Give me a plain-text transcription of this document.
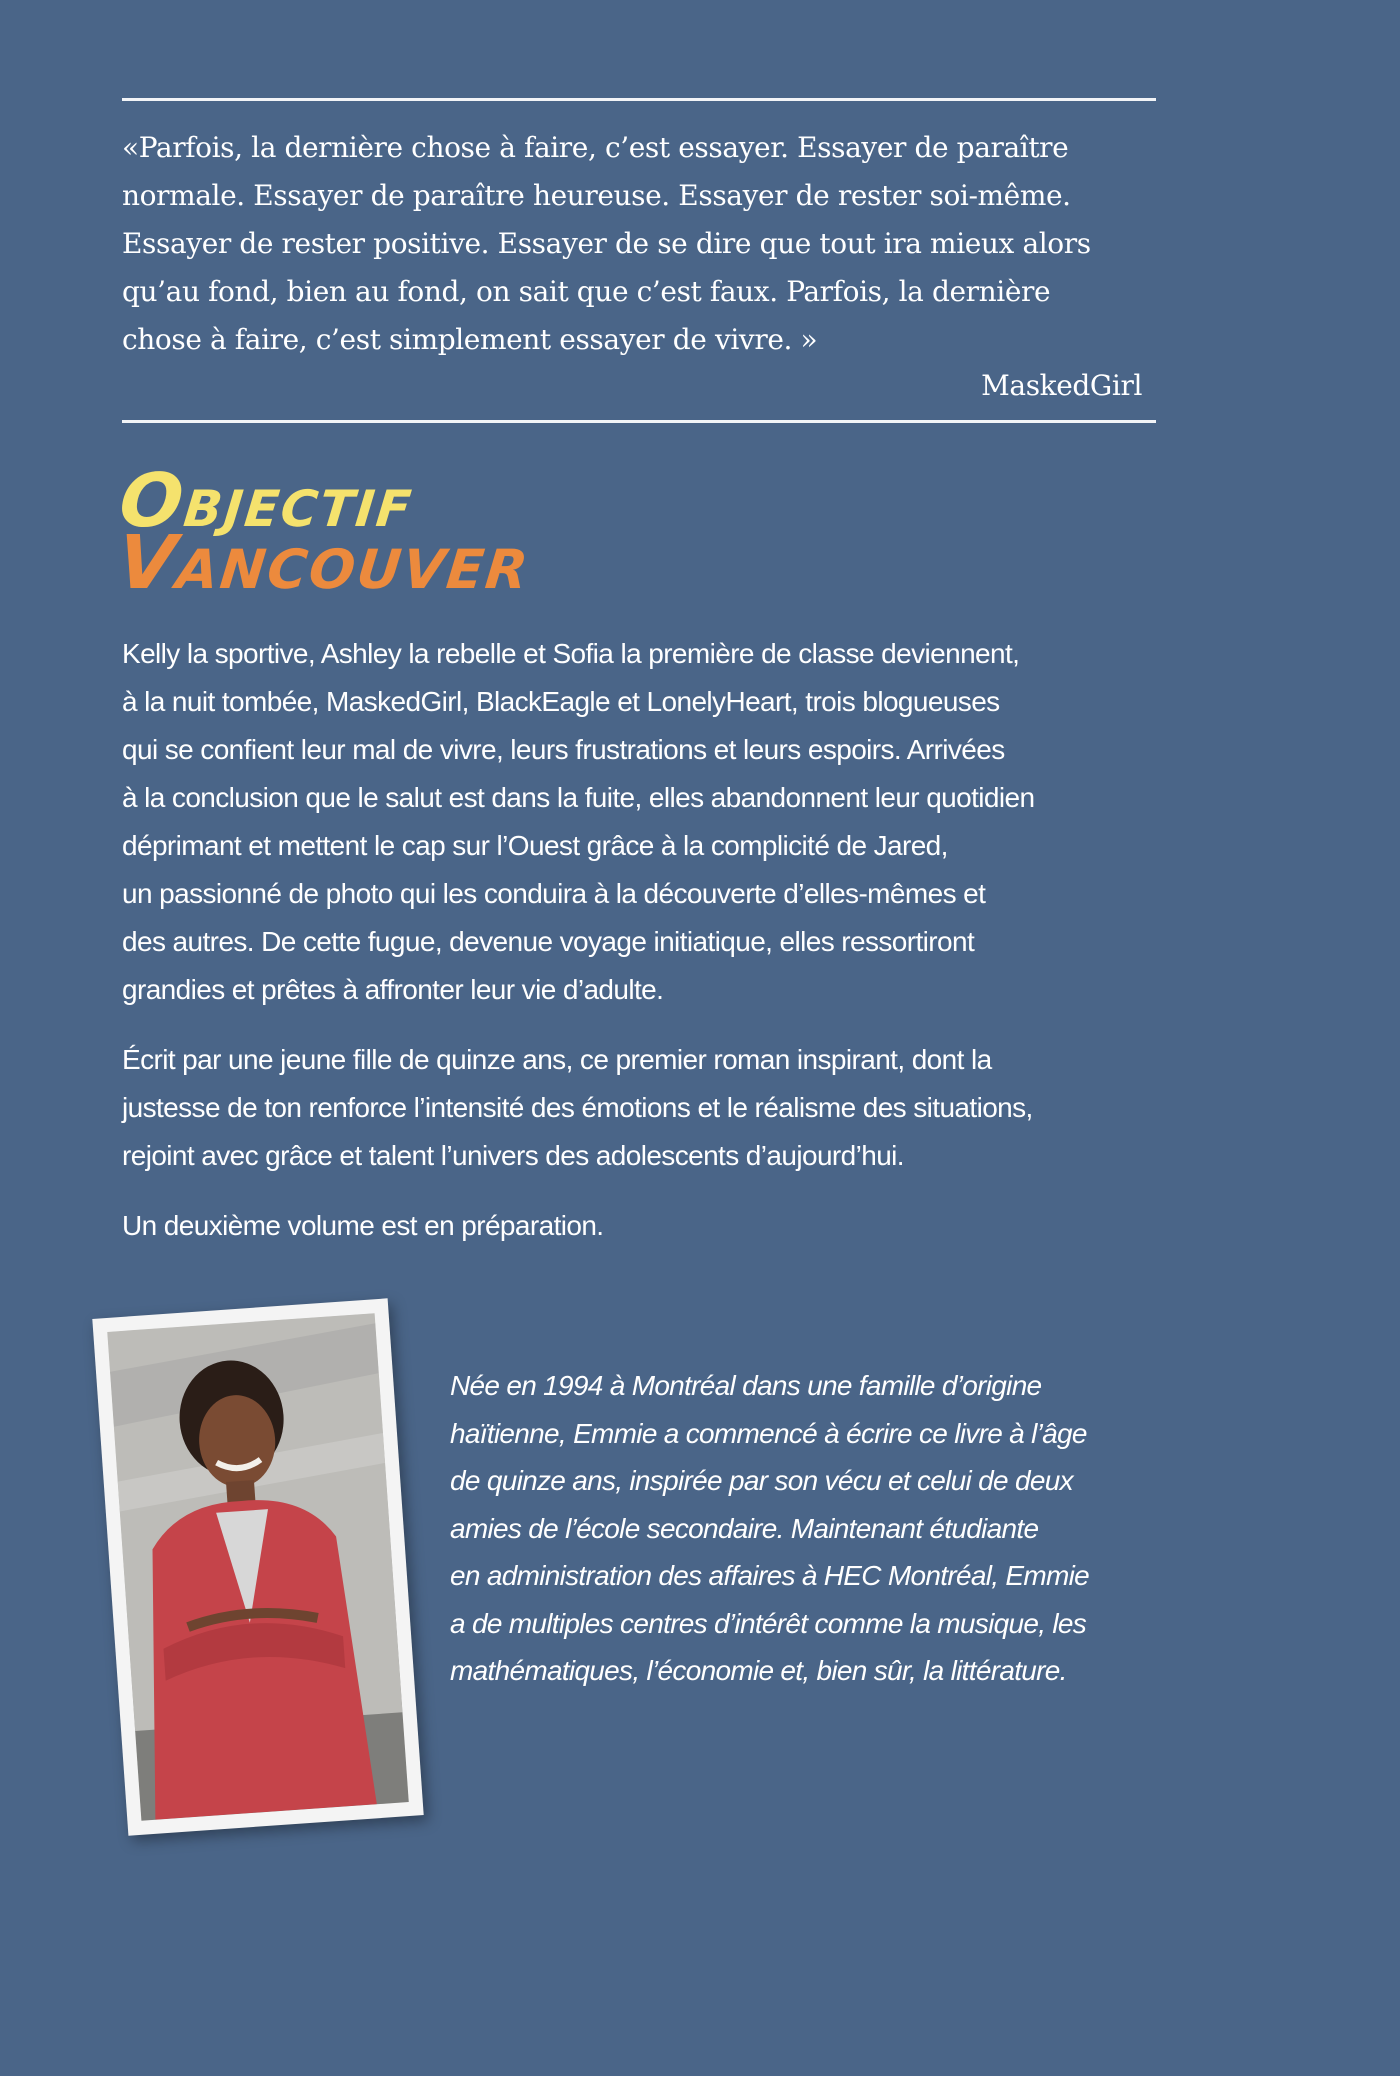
«Parfois, la dernière chose à faire, c’est essayer. Essayer de paraître
normale. Essayer de paraître heureuse. Essayer de rester soi-même.
Essayer de rester positive. Essayer de se dire que tout ira mieux alors
qu’au fond, bien au fond, on sait que c’est faux. Parfois, la dernière
chose à faire, c’est simplement essayer de vivre. »
MaskedGirl
OBJECTIF
VANCOUVER

Kelly la sportive, Ashley la rebelle et Sofia la première de classe deviennent,
à la nuit tombée, MaskedGirl, BlackEagle et LonelyHeart, trois blogueuses
qui se confient leur mal de vivre, leurs frustrations et leurs espoirs. Arrivées
à la conclusion que le salut est dans la fuite, elles abandonnent leur quotidien
déprimant et mettent le cap sur l’Ouest grâce à la complicité de Jared,
un passionné de photo qui les conduira à la découverte d’elles-mêmes et
des autres. De cette fugue, devenue voyage initiatique, elles ressortiront
grandies et prêtes à affronter leur vie d’adulte.

Écrit par une jeune fille de quinze ans, ce premier roman inspirant, dont la
justesse de ton renforce l’intensité des émotions et le réalisme des situations,
rejoint avec grâce et talent l’univers des adolescents d’aujourd’hui.

Un deuxième volume est en préparation.

Née en 1994 à Montréal dans une famille d’origine
haïtienne, Emmie a commencé à écrire ce livre à l’âge
de quinze ans, inspirée par son vécu et celui de deux
amies de l’école secondaire. Maintenant étudiante
en administration des affaires à HEC Montréal, Emmie
a de multiples centres d’intérêt comme la musique, les
mathématiques, l’économie et, bien sûr, la littérature.
